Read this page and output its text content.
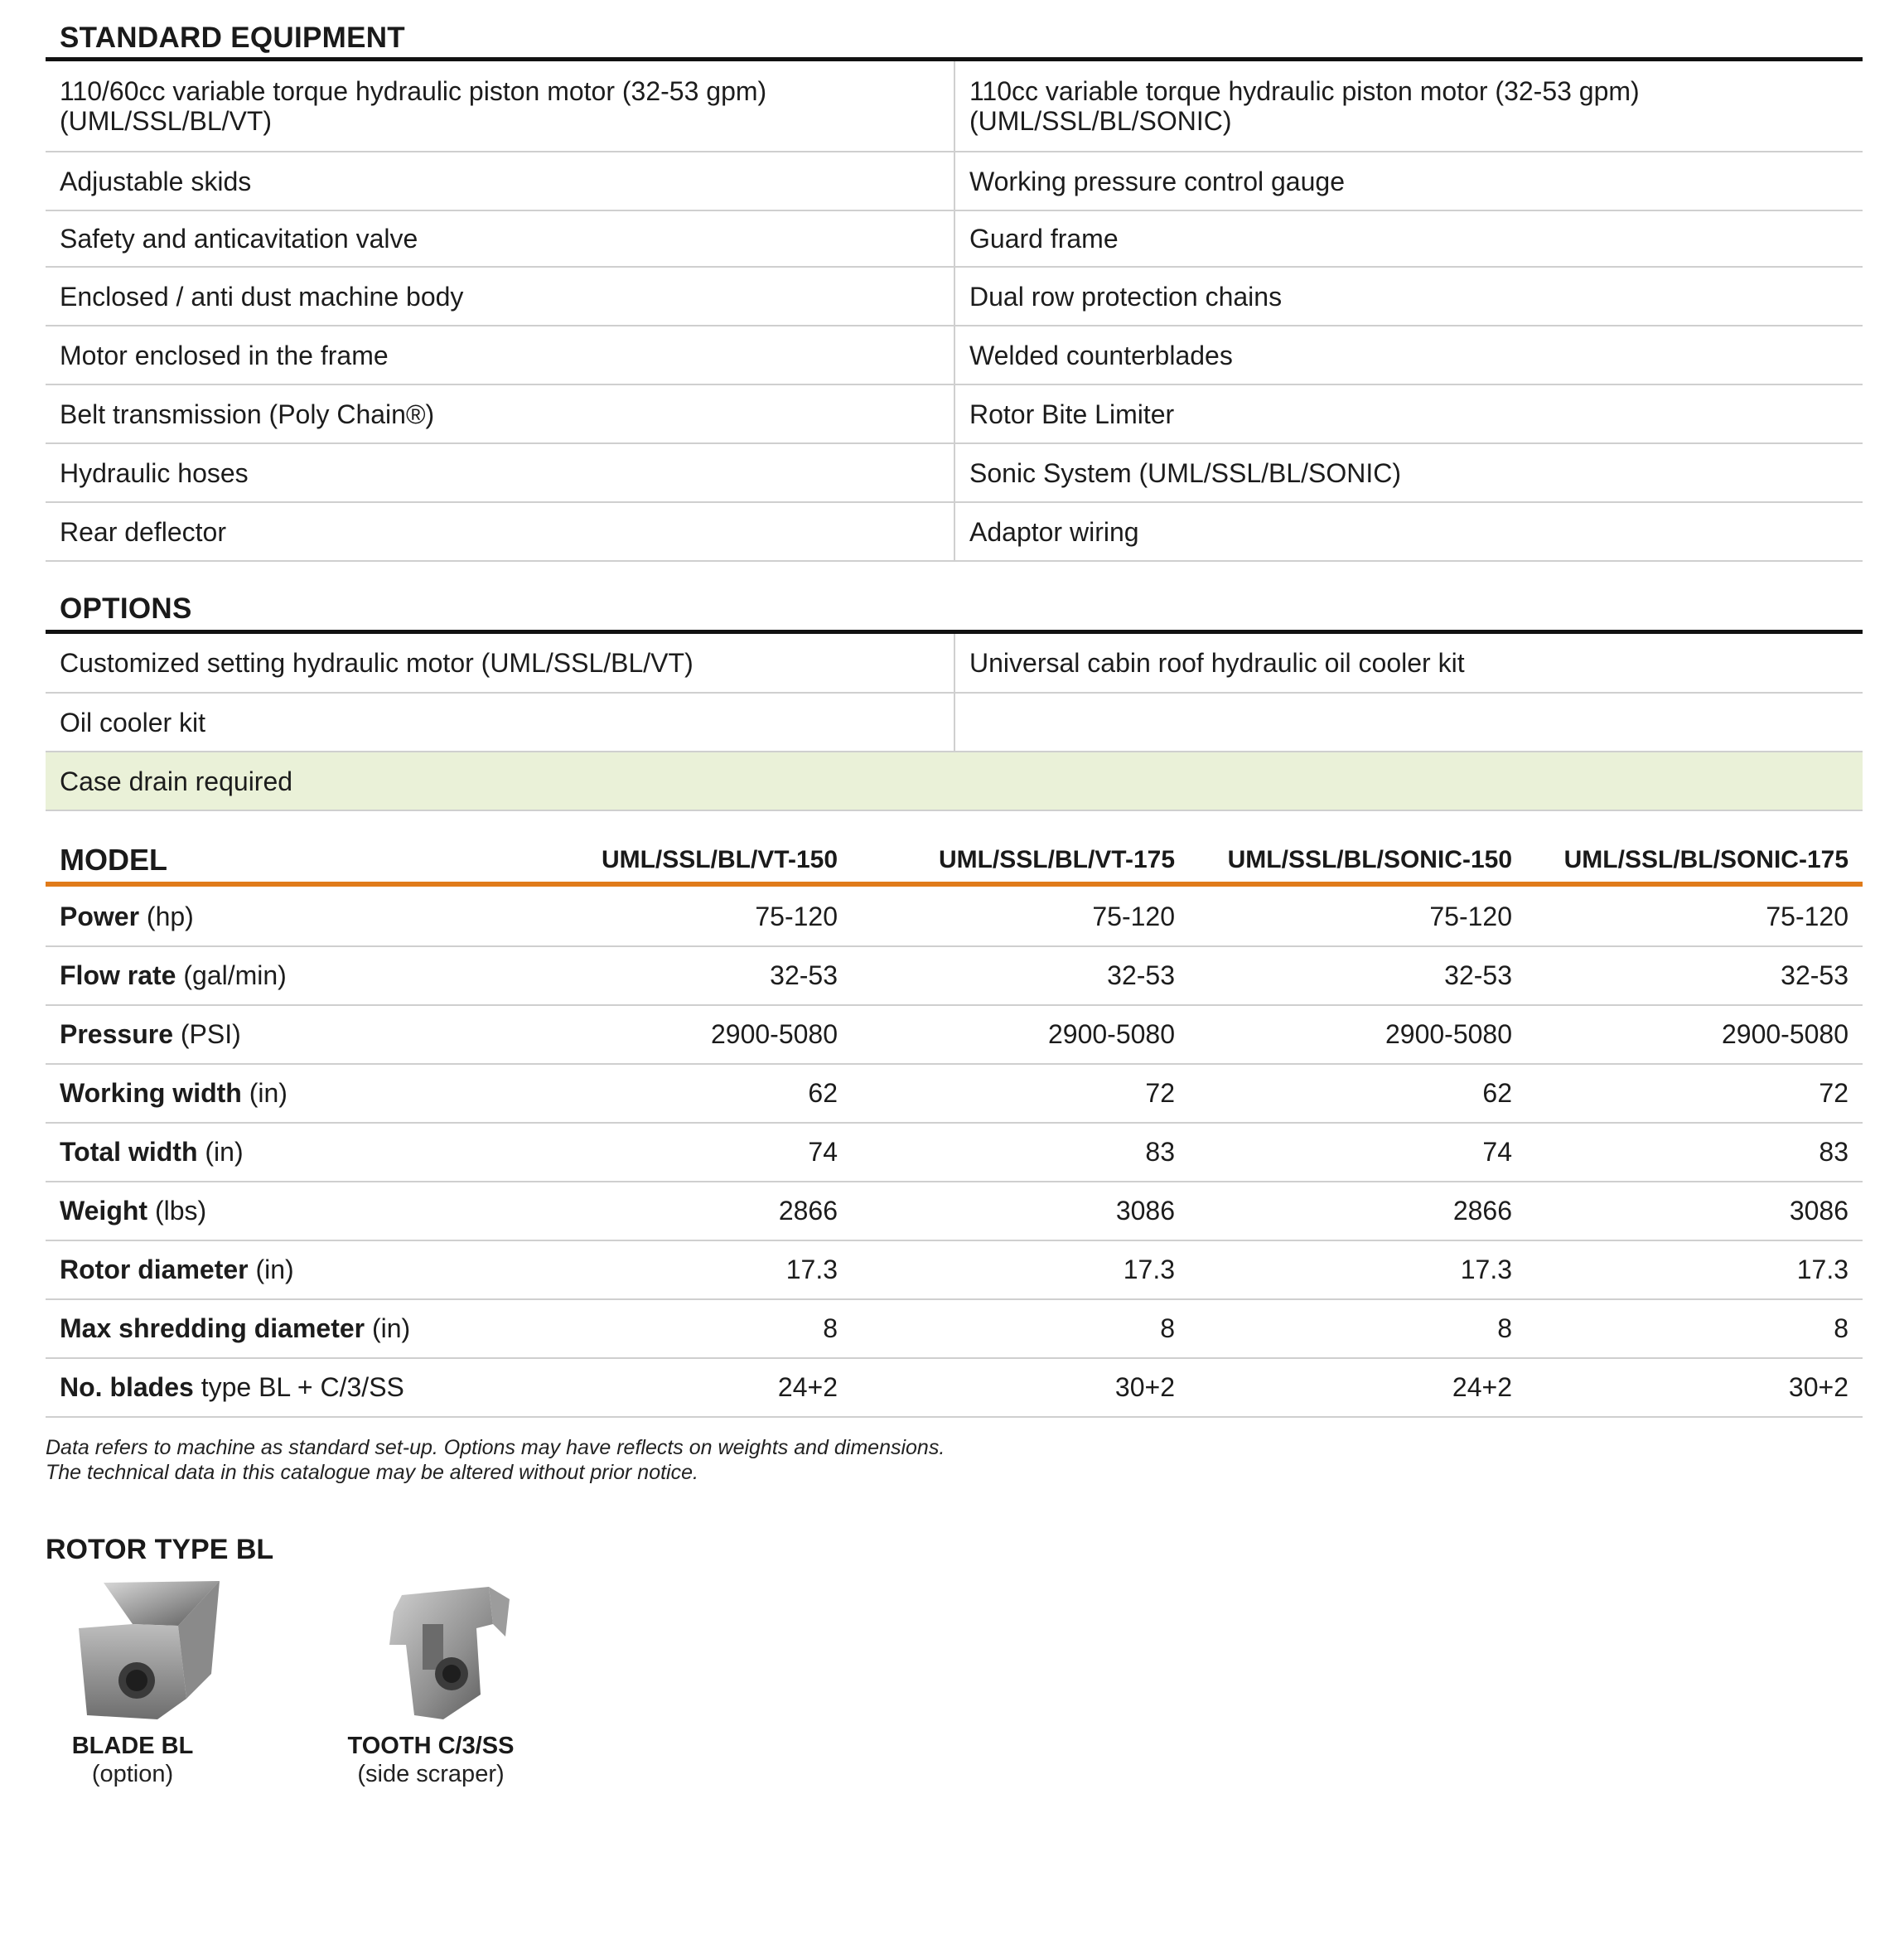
STANDARD EQUIPMENT
110/60cc variable torque hydraulic piston motor (32-53 gpm) (UML/SSL/BL/VT)	110cc variable torque hydraulic piston motor (32-53 gpm) (UML/SSL/BL/SONIC)
Adjustable skids	Working pressure control gauge
Safety and anticavitation valve	Guard frame
Enclosed / anti dust machine body	Dual row protection chains
Motor enclosed in the frame	Welded counterblades
Belt transmission (Poly Chain®)	Rotor Bite Limiter
Hydraulic hoses	Sonic System (UML/SSL/BL/SONIC)
Rear deflector	Adaptor wiring
OPTIONS
Customized setting hydraulic motor (UML/SSL/BL/VT)	Universal cabin roof hydraulic oil cooler kit
Oil cooler kit	
Case drain required	
MODEL	UML/SSL/BL/VT-150	UML/SSL/BL/VT-175	UML/SSL/BL/SONIC-150	UML/SSL/BL/SONIC-175
Power (hp)	75-120	75-120	75-120	75-120
Flow rate (gal/min)	32-53	32-53	32-53	32-53
Pressure (PSI)	2900-5080	2900-5080	2900-5080	2900-5080
Working width (in)	62	72	62	72
Total width (in)	74	83	74	83
Weight (lbs)	2866	3086	2866	3086
Rotor diameter (in)	17.3	17.3	17.3	17.3
Max shredding diameter (in)	8	8	8	8
No. blades type BL + C/3/SS	24+2	30+2	24+2	30+2
Data refers to machine as standard set-up. Options may have reflects on weights and dimensions.
The technical data in this catalogue may be altered without prior notice.
ROTOR TYPE BL
BLADE BL
(option)
TOOTH C/3/SS
(side scraper)
